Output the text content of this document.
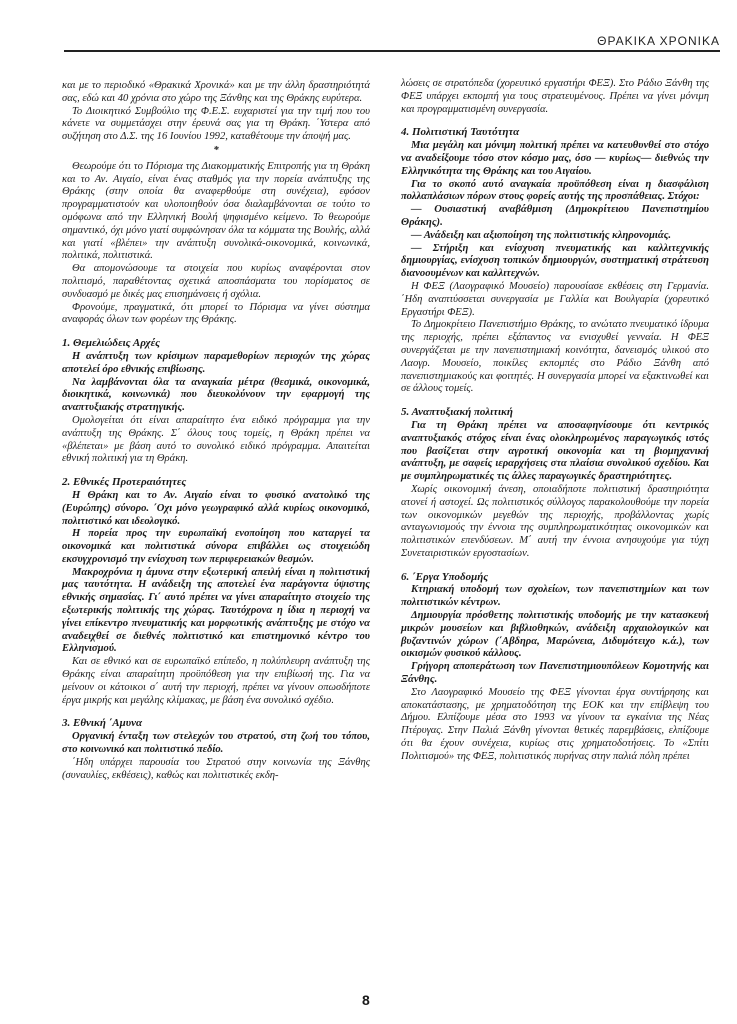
ΘΡΑΚΙΚΑ ΧΡΟΝΙΚΑ

και με το περιοδικό «Θρακικά Χρονικά» και με την άλλη δραστηριότητά σας, εδώ και 40 χρόνια στο χώρο της Ξάνθης και της Θράκης ευρύτερα.

Το Διοικητικό Συμβούλιο της Φ.Ε.Σ. ευχαριστεί για την τιμή που του κάνετε να συμμετάσχει στην έρευνά σας για τη Θράκη. ΄Υστερα από συζήτηση στο Δ.Σ. της 16 Ιουνίου 1992, καταθέτουμε την άποψή μας.

*

Θεωρούμε ότι το Πόρισμα της Διακομματικής Επιτροπής για τη Θράκη και το Αν. Αιγαίο, είναι ένας σταθμός για την πορεία ανάπτυξης της Θράκης (στην οποία θα αναφερθούμε στη συνέχεια), εφόσον προγραμματιστούν και υλοποιηθούν όσα διαλαμβάνονται σε τούτο το ομόφωνα από την Ελληνική Βουλή ψηφισμένο κείμενο. Το θεωρούμε σημαντικό, όχι μόνο γιατί συμφώνησαν όλα τα κόμματα της Βουλής, αλλά και γιατί «βλέπει» την ανάπτυξη συνολικά-οικονομικά, κοινωνικά, πολιτικά, πολιτιστικά.

Θα απομονώσουμε τα στοιχεία που κυρίως αναφέρονται στον πολιτισμό, παραθέτοντας σχετικά αποσπάσματα του πορίσματος σε συνδυασμό με δικές μας επισημάνσεις ή σχόλια.

Φρονούμε, πραγματικά, ότι μπορεί το Πόρισμα να γίνει σύστημα αναφοράς όλων των φορέων της Θράκης.

1. Θεμελιώδεις Αρχές

Η ανάπτυξη των κρίσιμων παραμεθορίων περιοχών της χώρας αποτελεί όρο εθνικής επιβίωσης.

Να λαμβάνονται όλα τα αναγκαία μέτρα (θεσμικά, οικονομικά, διοικητικά, κοινωνικά) που διευκολύνουν την εφαρμογή της αναπτυξιακής στρατηγικής.

Ομολογείται ότι είναι απαραίτητο ένα ειδικό πρόγραμμα για την ανάπτυξη της Θράκης. Σ΄ όλους τους τομείς, η Θράκη πρέπει να «βλέπεται» με βάση αυτό το συνολικό ειδικό πρόγραμμα. Απαιτείται εθνική πολιτική για τη Θράκη.

2. Εθνικές Προτεραιότητες

Η Θράκη και το Αν. Αιγαίο είναι το φυσικό ανατολικό της (Ευρώπης) σύνορο. ΄Οχι μόνο γεωγραφικό αλλά κυρίως οικονομικό, πολιτιστικό και ιδεολογικό.

Η πορεία προς την ευρωπαϊκή ενοποίηση που καταργεί τα οικονομικά και πολιτιστικά σύνορα επιβάλλει ως στοιχειώδη εκσυγχρονισμό την ενίσχυση των περιφερειακών θεσμών.

Μακροχρόνια η άμυνα στην εξωτερική απειλή είναι η πολιτιστική μας ταυτότητα. Η ανάδειξη της αποτελεί ένα παράγοντα ύψιστης εθνικής σημασίας. Γι΄ αυτό πρέπει να γίνει απαραίτητο στοιχείο της εξωτερικής πολιτικής της χώρας. Ταυτόχρονα η ίδια η περιοχή να γίνει επίκεντρο πνευματικής και μορφωτικής ανάπτυξης με στόχο να αναδειχθεί σε διεθνές πολιτιστικό και επιστημονικό κέντρο του Ελληνισμού.

Και σε εθνικό και σε ευρωπαϊκό επίπεδο, η πολύπλευρη ανάπτυξη της Θράκης είναι απαραίτητη προϋπόθεση για την επιβίωσή της. Για να μείνουν οι κάτοικοι σ΄ αυτή την περιοχή, πρέπει να γίνουν οπωσδήποτε έργα μικρής και μεγάλης κλίμακας, με βάση ένα συνολικό σχέδιο.

3. Εθνική ΄Αμυνα

Οργανική ένταξη των στελεχών του στρατού, στη ζωή του τόπου, στο κοινωνικό και πολιτιστικό πεδίο.

΄Ηδη υπάρχει παρουσία του Στρατού στην κοινωνία της Ξάνθης (συναυλίες, εκθέσεις), καθώς και πολιτιστικές εκδη-

λώσεις σε στρατόπεδα (χορευτικό εργαστήρι ΦΕΞ). Στο Ράδιο Ξάνθη της ΦΕΞ υπάρχει εκπομπή για τους στρατευμένους. Πρέπει να γίνει μόνιμη και προγραμματισμένη συνεργασία.

4. Πολιτιστική Ταυτότητα

Μια μεγάλη και μόνιμη πολιτική πρέπει να κατευθυνθεί στο στόχο να αναδείξουμε τόσο στον κόσμο μας, όσο — κυρίως— διεθνώς την Ελληνικότητα της Θράκης και του Αιγαίου.

Για το σκοπό αυτό αναγκαία προϋπόθεση είναι η διασφάλιση πολλαπλάσιων πόρων στους φορείς αυτής της προσπάθειας. Στόχοι:

— Ουσιαστική αναβάθμιση (Δημοκρίτειου Πανεπιστημίου Θράκης).

— Ανάδειξη και αξιοποίηση της πολιτιστικής κληρονομιάς.

— Στήριξη και ενίσχυση πνευματικής και καλλιτεχνικής δημιουργίας, ενίσχυση τοπικών δημιουργών, συστηματική στράτευση διανοουμένων και καλλιτεχνών.

Η ΦΕΞ (Λαογραφικό Μουσείο) παρουσίασε εκθέσεις στη Γερμανία. ΄Ηδη αναπτύσσεται συνεργασία με Γαλλία και Βουλγαρία (χορευτικό Εργαστήρι ΦΕΞ).

Το Δημοκρίτειο Πανεπιστήμιο Θράκης, το ανώτατο πνευματικό ίδρυμα της περιοχής, πρέπει εξάπαντος να ενισχυθεί γενναία. Η ΦΕΞ συνεργάζεται με την πανεπιστημιακή κοινότητα, δανεισμός υλικού στο Λαογρ. Μουσείο, ποικίλες εκπομπές στο Ράδιο Ξάνθη από πανεπιστημιακούς και φοιτητές. Η συνεργασία μπορεί να εξακτινωθεί και σε άλλους τομείς.

5. Αναπτυξιακή πολιτική

Για τη Θράκη πρέπει να αποσαφηνίσουμε ότι κεντρικός αναπτυξιακός στόχος είναι ένας ολοκληρωμένος παραγωγικός ιστός που βασίζεται στην αγροτική οικονομία και τη βιομηχανική ανάπτυξη, με σαφείς ιεραρχήσεις στα πλαίσια συνολικού σχεδίου. Και με συμπληρωματικές τις άλλες παραγωγικές δραστηριότητες.

Χωρίς οικονομική άνεση, οποιαδήποτε πολιτιστική δραστηριότητα ατονεί ή αστοχεί. Ως πολιτιστικός σύλλογος παρακολουθούμε την πορεία των οικονομικών μεγεθών της περιοχής, προβάλλοντας χωρίς ανταγωνισμούς την έννοια της συμπληρωματικότητας οικονομικών και πολιτιστικών επενδύσεων. Μ΄ αυτή την έννοια ανησυχούμε για τύχη Συνεταιριστικών εργοστασίων.

6. ΄Εργα Υποδομής

Κτηριακή υποδομή των σχολείων, των πανεπιστημίων και των πολιτιστικών κέντρων.

Δημιουργία πρόσθετης πολιτιστικής υποδομής με την κατασκευή μικρών μουσείων και βιβλιοθηκών, ανάδειξη αρχαιολογικών και βυζαντινών χώρων (΄Αβδηρα, Μαρώνεια, Διδυμότειχο κ.ά.), των οικισμών φυσικού κάλλους.

Γρήγορη αποπεράτωση των Πανεπιστημιουπόλεων Κομοτηνής και Ξάνθης.

Στο Λαογραφικό Μουσείο της ΦΕΞ γίνονται έργα συντήρησης και αποκατάστασης, με χρηματοδότηση της ΕΟΚ και την επίβλεψη του Δήμου. Ελπίζουμε μέσα στο 1993 να γίνουν τα εγκαίνια της Νέας Πτέρυγας. Στην Παλιά Ξάνθη γίνονται θετικές παρεμβάσεις, ελπίζουμε ότι θα έχουν συνέχεια, κυρίως στις χρηματοδοτήσεις. Το «Σπίτι Πολιτισμού» της ΦΕΞ, πολιτιστικός πυρήνας στην παλιά πόλη πρέπει

8
